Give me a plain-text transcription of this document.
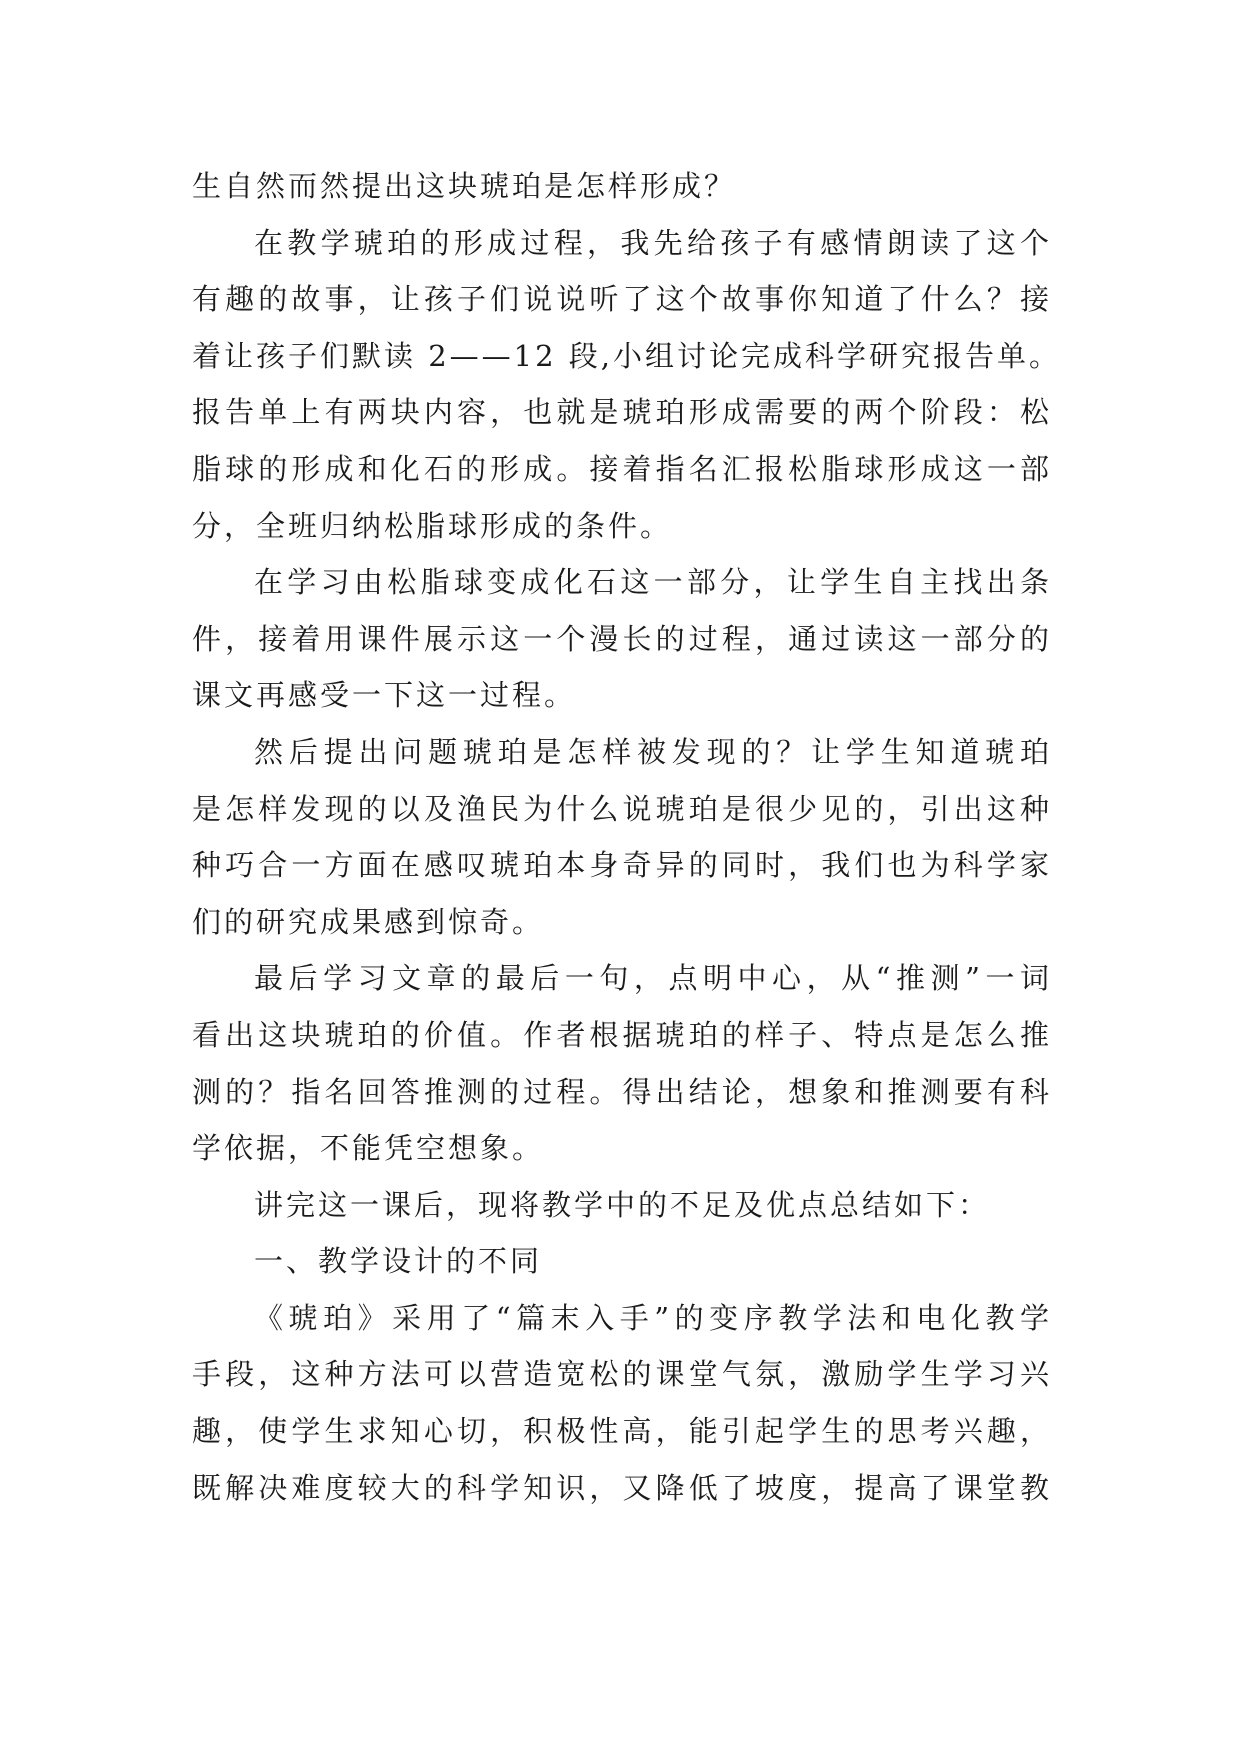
生自然而然提出这块琥珀是怎样形成？
在教学琥珀的形成过程，我先给孩子有感情朗读了这个
有趣的故事，让孩子们说说听了这个故事你知道了什么？接
着让孩子们默读 2——12 段,小组讨论完成科学研究报告单。
报告单上有两块内容，也就是琥珀形成需要的两个阶段：松
脂球的形成和化石的形成。接着指名汇报松脂球形成这一部
分，全班归纳松脂球形成的条件。
在学习由松脂球变成化石这一部分，让学生自主找出条
件，接着用课件展示这一个漫长的过程，通过读这一部分的
课文再感受一下这一过程。
然后提出问题琥珀是怎样被发现的？让学生知道琥珀
是怎样发现的以及渔民为什么说琥珀是很少见的，引出这种
种巧合一方面在感叹琥珀本身奇异的同时，我们也为科学家
们的研究成果感到惊奇。
最后学习文章的最后一句，点明中心，从“推测”一词
看出这块琥珀的价值。作者根据琥珀的样子、特点是怎么推
测的？指名回答推测的过程。得出结论，想象和推测要有科
学依据，不能凭空想象。
讲完这一课后，现将教学中的不足及优点总结如下：
一、教学设计的不同
《琥珀》采用了“篇末入手”的变序教学法和电化教学
手段，这种方法可以营造宽松的课堂气氛，激励学生学习兴
趣，使学生求知心切，积极性高，能引起学生的思考兴趣，
既解决难度较大的科学知识，又降低了坡度，提高了课堂教
